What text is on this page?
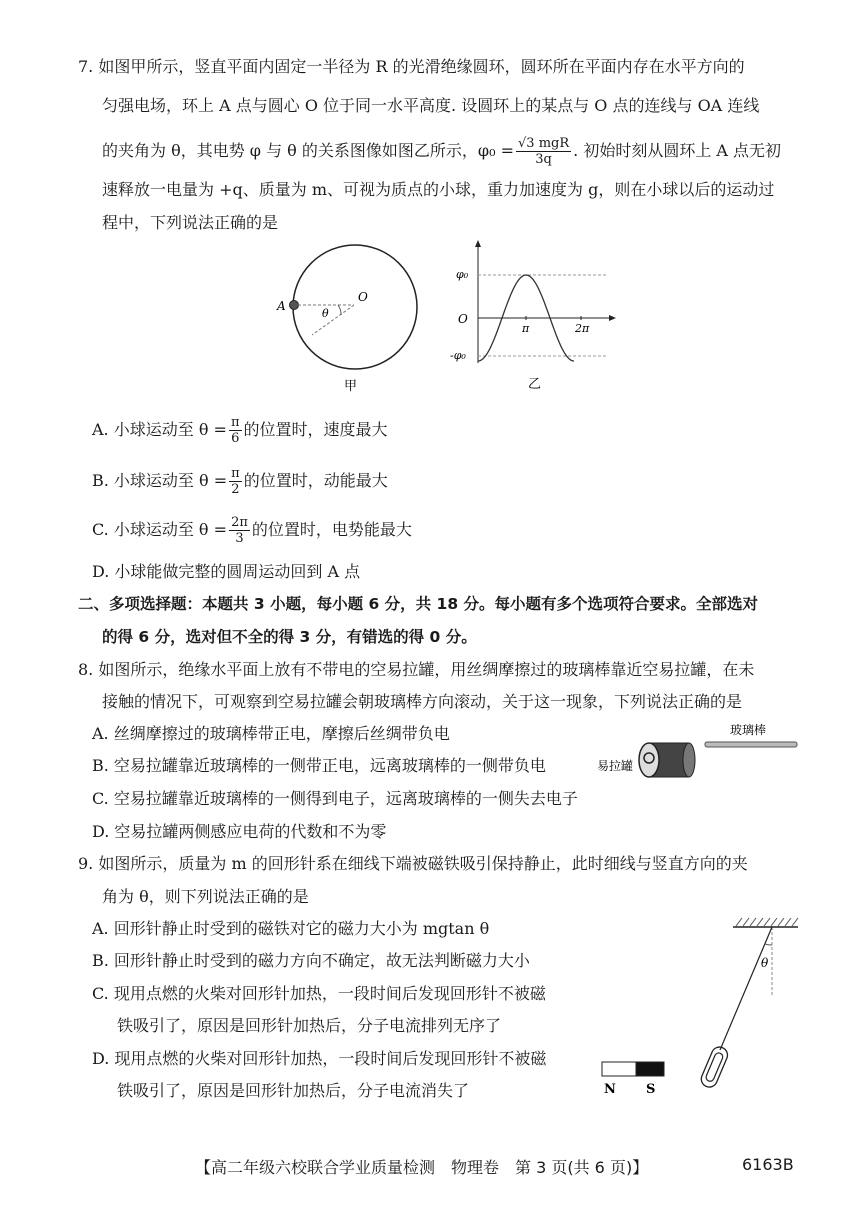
7. 如图甲所示，竖直平面内固定一半径为 R 的光滑绝缘圆环，圆环所在平面内存在水平方向的
匀强电场，环上 A 点与圆心 O 位于同一水平高度. 设圆环上的某点与 O 点的连线与 OA 连线
的夹角为 θ，其电势 φ 与 θ 的关系图像如图乙所示，$\varphi_0 = \frac{\text{√3 mgR}}{3q}$ . 初始时刻从圆环上 A 点无初
速释放一电量为 +q、质量为 m、可视为质点的小球，重力加速度为 g，则在小球以后的运动过
程中，下列说法正确的是
A
O
θ
甲
φ₀
O
-φ₀
π	2π
乙
A. 小球运动至 $\theta = \frac{\pi}{6}$ 的位置时，速度最大
B. 小球运动至 $\theta = \frac{\pi}{2}$ 的位置时，动能最大
C. 小球运动至 $\theta = \frac{2\pi}{3}$ 的位置时，电势能最大
D. 小球能做完整的圆周运动回到 A 点
二、多项选择题：本题共 3 小题，每小题 6 分，共 18 分。每小题有多个选项符合要求。全部选对
的得 6 分，选对但不全的得 3 分，有错选的得 0 分。
8. 如图所示，绝缘水平面上放有不带电的空易拉罐，用丝绸摩擦过的玻璃棒靠近空易拉罐，在未
接触的情况下，可观察到空易拉罐会朝玻璃棒方向滚动，关于这一现象，下列说法正确的是
A. 丝绸摩擦过的玻璃棒带正电，摩擦后丝绸带负电
B. 空易拉罐靠近玻璃棒的一侧带正电，远离玻璃棒的一侧带负电
C. 空易拉罐靠近玻璃棒的一侧得到电子，远离玻璃棒的一侧失去电子
D. 空易拉罐两侧感应电荷的代数和不为零
玻璃棒
易拉罐
9. 如图所示，质量为 m 的回形针系在细线下端被磁铁吸引保持静止，此时细线与竖直方向的夹
角为 θ，则下列说法正确的是
A. 回形针静止时受到的磁铁对它的磁力大小为 mgtan θ
B. 回形针静止时受到的磁力方向不确定，故无法判断磁力大小
C. 现用点燃的火柴对回形针加热，一段时间后发现回形针不被磁
铁吸引了，原因是回形针加热后，分子电流排列无序了
D. 现用点燃的火柴对回形针加热，一段时间后发现回形针不被磁
铁吸引了，原因是回形针加热后，分子电流消失了
θ
N S
【高二年级六校联合学业质量检测　物理卷　第 3 页(共 6 页)】	6163B
